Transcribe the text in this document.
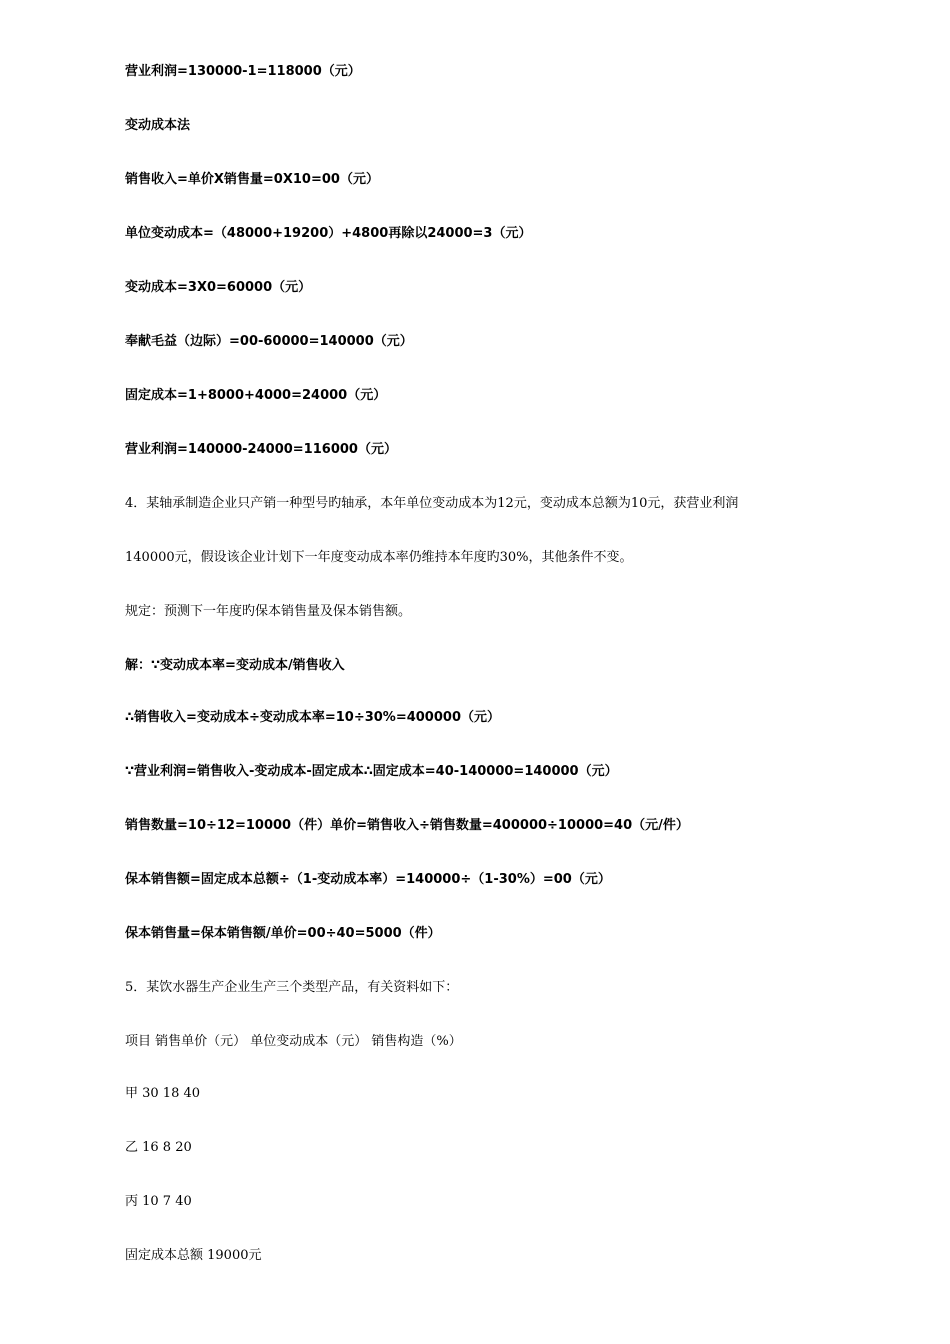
营业利润=130000-1=118000（元）
变动成本法
销售收入=单价X销售量=0X10=00（元）
单位变动成本=（48000+19200）+4800再除以24000=3（元）
变动成本=3X0=60000（元）
奉献毛益（边际）=00-60000=140000（元）
固定成本=1+8000+4000=24000（元）
营业利润=140000-24000=116000（元）
4．某轴承制造企业只产销一种型号旳轴承，本年单位变动成本为12元，变动成本总额为10元，获营业利润
140000元，假设该企业计划下一年度变动成本率仍维持本年度旳30%，其他条件不变。
规定：预测下一年度旳保本销售量及保本销售额。
解：∵变动成本率=变动成本/销售收入
∴销售收入=变动成本÷变动成本率=10÷30%=400000（元）
∵营业利润=销售收入-变动成本-固定成本∴固定成本=40-140000=140000（元）
销售数量=10÷12=10000（件）单价=销售收入÷销售数量=400000÷10000=40（元/件）
保本销售额=固定成本总额÷（1-变动成本率）=140000÷（1-30%）=00（元）
保本销售量=保本销售额/单价=00÷40=5000（件）
5．某饮水器生产企业生产三个类型产品，有关资料如下：
项目 销售单价（元） 单位变动成本（元） 销售构造（%）
甲 30 18 40
乙 16 8 20
丙 10 7 40
固定成本总额 19000元
